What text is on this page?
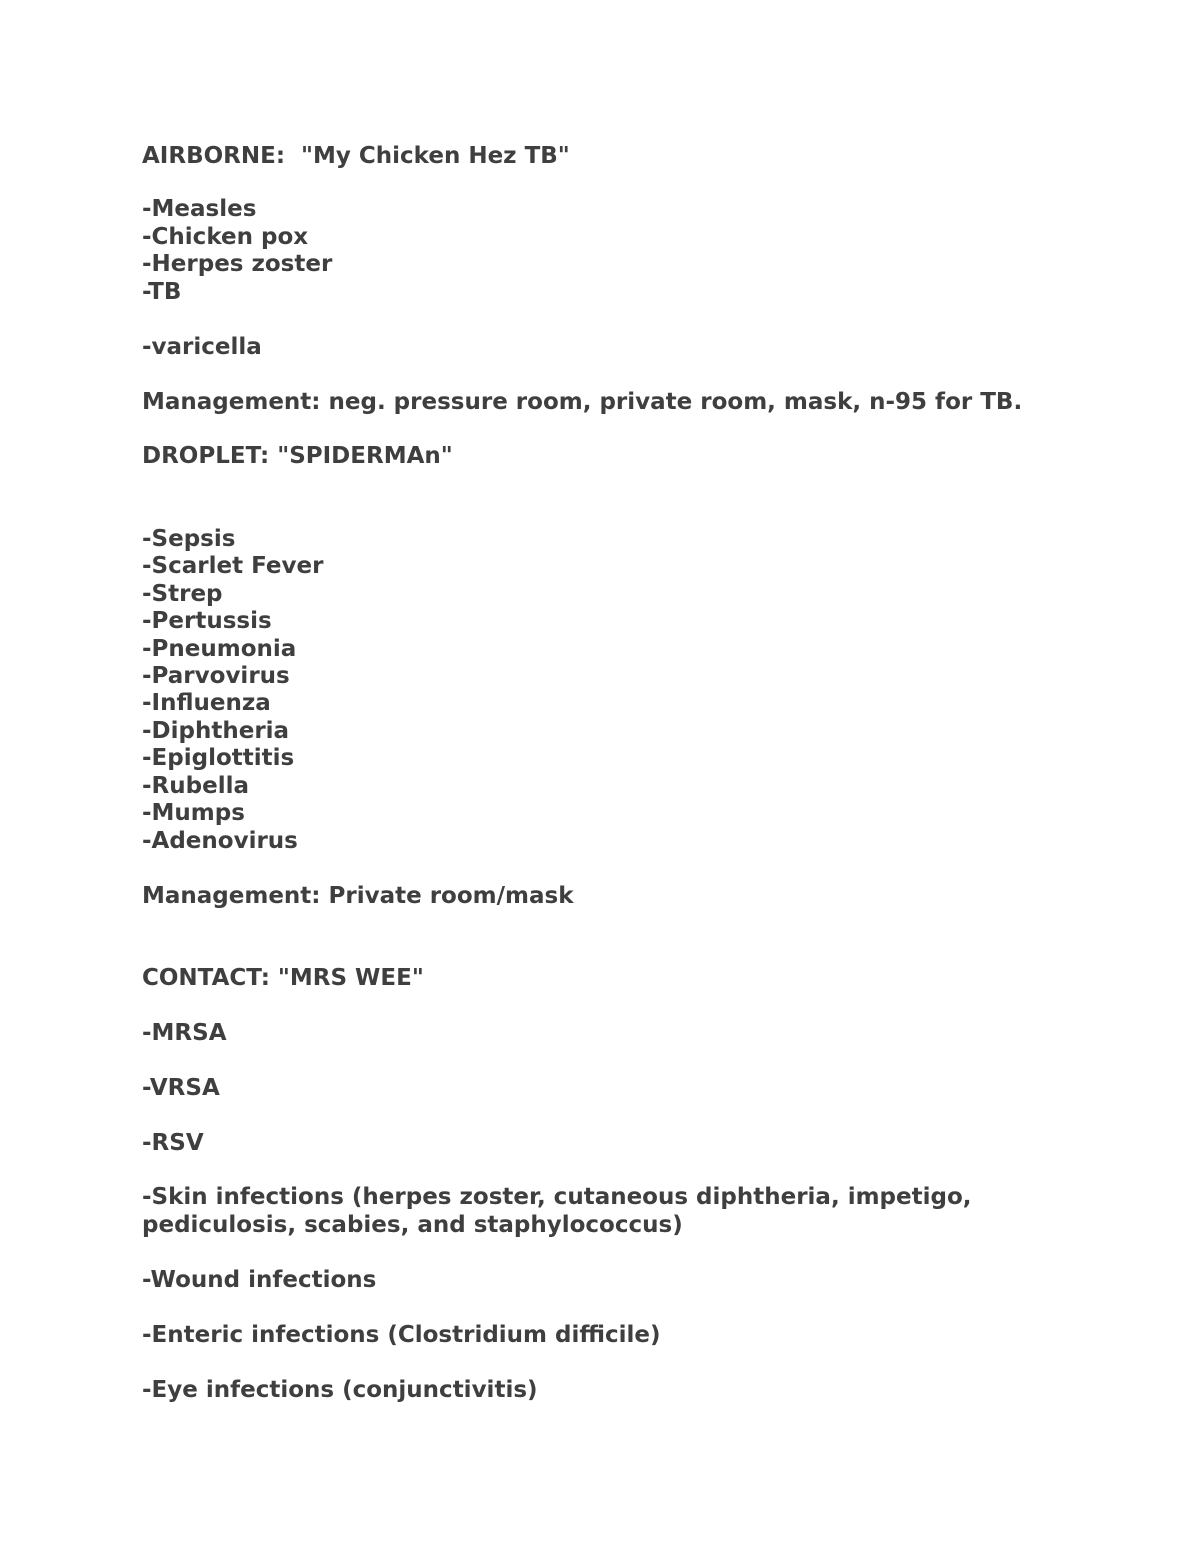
AIRBORNE:  "My Chicken Hez TB"

-Measles

-Chicken pox

-Herpes zoster

-TB

-varicella

Management: neg. pressure room, private room, mask, n-95 for TB.

DROPLET: "SPIDERMAn"

-Sepsis

-Scarlet Fever

-Strep

-Pertussis

-Pneumonia

-Parvovirus

-Influenza

-Diphtheria

-Epiglottitis

-Rubella

-Mumps

-Adenovirus

Management: Private room/mask

CONTACT: "MRS WEE"

-MRSA

-VRSA

-RSV

-Skin infections (herpes zoster, cutaneous diphtheria, impetigo,

pediculosis, scabies, and staphylococcus)

-Wound infections

-Enteric infections (Clostridium difficile)

-Eye infections (conjunctivitis)
